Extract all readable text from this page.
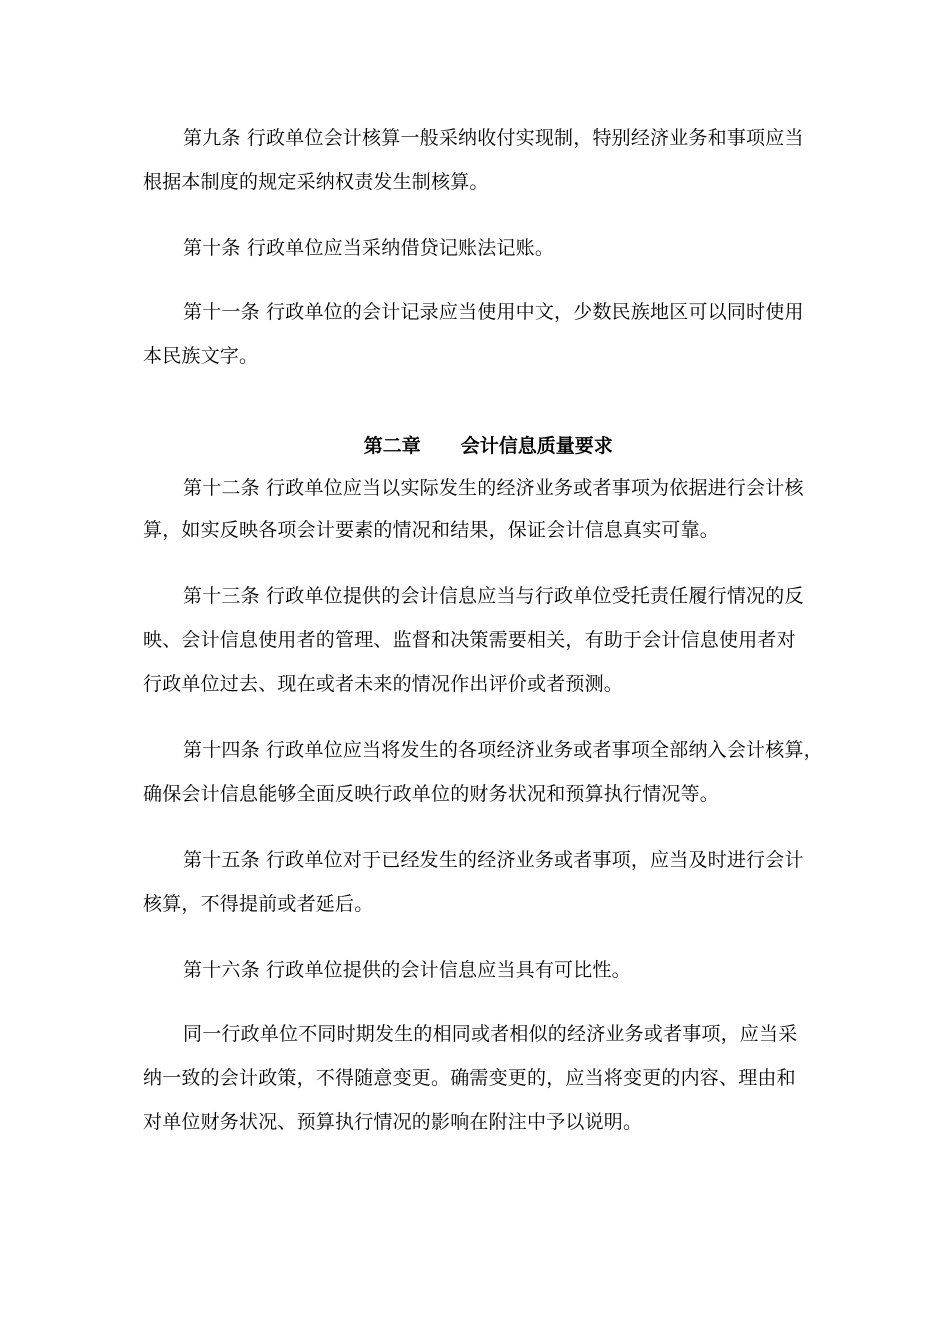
第九条 行政单位会计核算一般采纳收付实现制，特别经济业务和事项应当
根据本制度的规定采纳权责发生制核算。
第十条 行政单位应当采纳借贷记账法记账。
第十一条 行政单位的会计记录应当使用中文，少数民族地区可以同时使用
本民族文字。

第二章 会计信息质量要求

第十二条 行政单位应当以实际发生的经济业务或者事项为依据进行会计核
算，如实反映各项会计要素的情况和结果，保证会计信息真实可靠。
第十三条 行政单位提供的会计信息应当与行政单位受托责任履行情况的反
映、会计信息使用者的管理、监督和决策需要相关，有助于会计信息使用者对
行政单位过去、现在或者未来的情况作出评价或者预测。
第十四条 行政单位应当将发生的各项经济业务或者事项全部纳入会计核算，
确保会计信息能够全面反映行政单位的财务状况和预算执行情况等。
第十五条 行政单位对于已经发生的经济业务或者事项，应当及时进行会计
核算，不得提前或者延后。
第十六条 行政单位提供的会计信息应当具有可比性。
同一行政单位不同时期发生的相同或者相似的经济业务或者事项，应当采
纳一致的会计政策，不得随意变更。确需变更的，应当将变更的内容、理由和
对单位财务状况、预算执行情况的影响在附注中予以说明。
